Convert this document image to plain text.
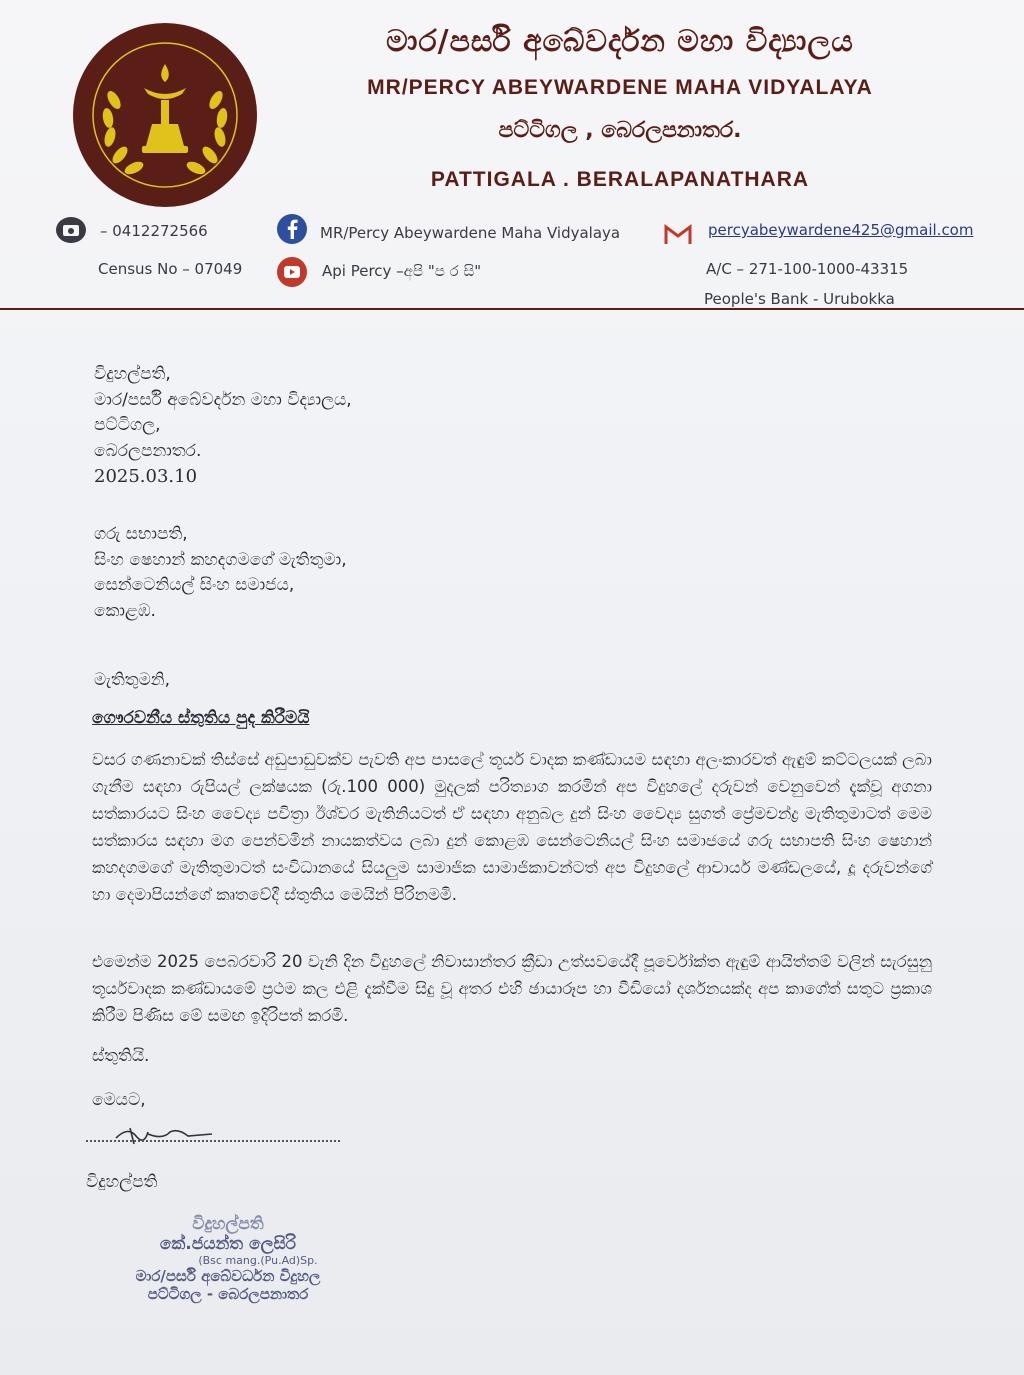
මාර/පර්සි අබේවර්දන මහා විද්‍යාලය
MR/PERCY ABEYWARDENE MAHA VIDYALAYA
පට්ටිගල , බෙරලපනාතර.
PATTIGALA . BERALAPANATHARA
– 0412272566	MR/Percy Abeywardene Maha Vidyalaya	percyabeywardene425@gmail.com
Census No – 07049	Api Percy –අපි "ප ර සි"	A/C – 271-100-1000-43315
People's Bank - Urubokka
විදුහල්පති,
මාර/පර්සි අබේවර්දන මහා විද්‍යාලය,
පට්ටිගල,
බෙරලපනාතර.
2025.03.10
ගරු සභාපති,
සිංහ ෂෙහාන් කහදගමගේ මැතිතුමා,
සෙන්ටෙනියල් සිංහ සමාජය,
කොළඹ.
මැතිතුමනි,
ගෞරවනීය ස්තුතිය පුද කිරීමයි
වසර ගණනාවක් තිස්සේ අඩුපාඩුවක්ව පැවති අප පාසලේ තූර්ය වාදක කණ්ඩායම සඳහා අලංකාරවත් ඇඳුම් කට්ටලයක් ලබා ගැනීම සඳහා රුපියල් ලක්ෂයක (රු.100 000) මුදලක් පරිත්‍යාග කරමින් අප විදුහලේ දරුවන් වෙනුවෙන් දැක්වූ අගනා සත්කාරයට සිංහ වෛද්‍ය පවිත්‍රා ඊශ්වර මැතිනියටත් ඒ සඳහා අනුබල දුන් සිංහ වෛද්‍ය සුගත් ප්‍රේමචන්ද්‍ර මැතිතුමාටත් මෙම සත්කාරය සඳහා මග පෙන්වමින් නායකත්වය ලබා දුන් කොළඹ සෙන්ටෙනියල් සිංහ සමාජයේ ගරු සභාපති සිංහ ෂෙහාන් කහදගමගේ මැතිතුමාටත් සංවිධානයේ සියලුම සාමාජික සාමාජිකාවන්ටත් අප විදුහලේ ආචාර්ය මණ්ඩලයේ, දූ දරුවන්ගේ හා දෙමාපියන්ගේ කෘතවේදී ස්තුතිය මෙයින් පිරිනමමි.
එමෙන්ම 2025 පෙබරවාරි 20 වැනි දින විදුහලේ නිවාසාන්තර ක්‍රීඩා උත්සවයේදී පූර්වෝක්ත ඇඳුම් ආයිත්තම් වලින් සැරසුනු තූර්යවාදක කණ්ඩායමේ ප්‍රථම කල එළි දැක්වීම සිදු වූ අතර එහි ඡායාරූප හා වීඩියෝ දර්ශනයක්ද අප කාගේත් සතුට ප්‍රකාශ කිරීම පිණිස මේ සමඟ ඉදිරිපත් කරමි.
ස්තුතියි.
මෙයට,
විදුහල්පති
විදුහල්පති
කේ.ජයන්ත ලෙසිරි
(Bsc mang.(Pu.Ad)Sp.
මාර/පර්සි අබේවර්ධන විදුහල
පට්ටිගල - බෙරලපනාතර
